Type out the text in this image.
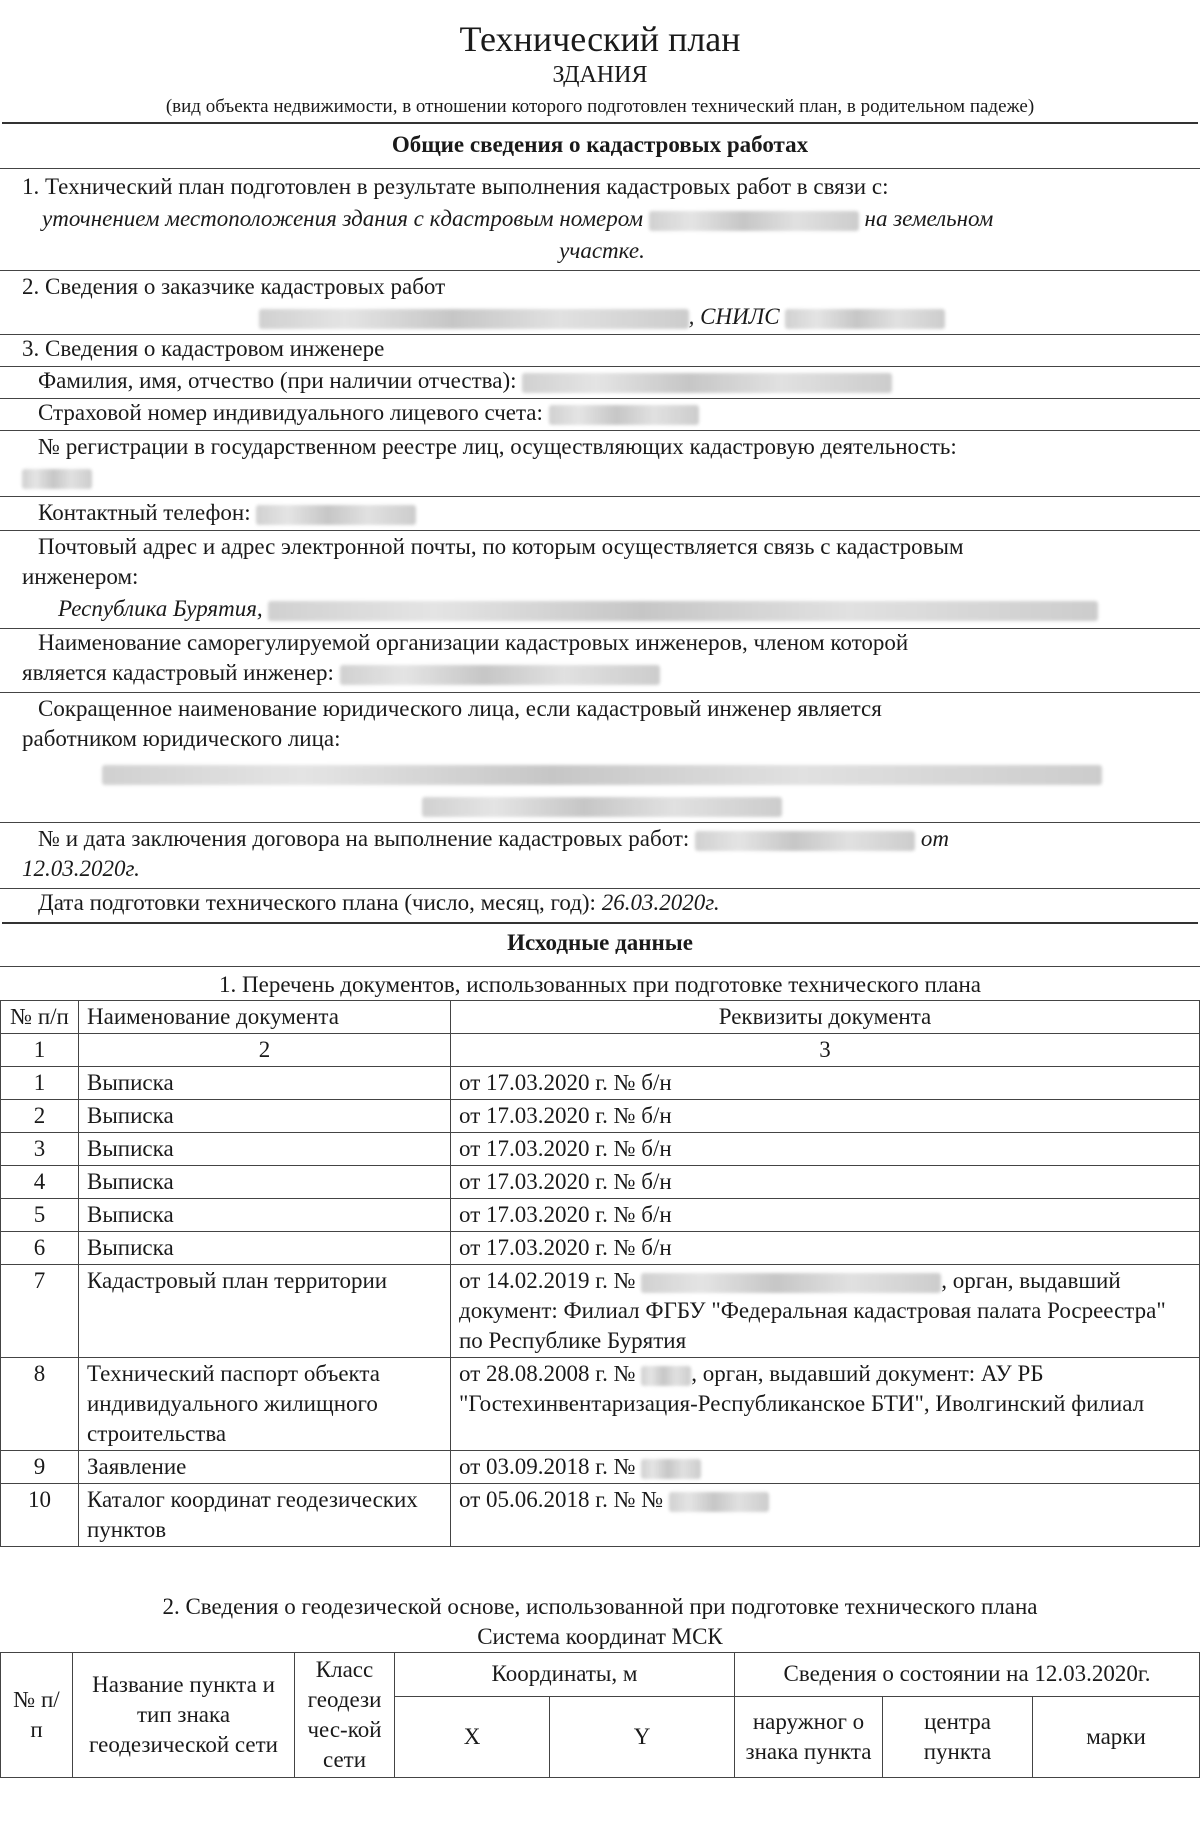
Технический план
ЗДАНИЯ
(вид объекта недвижимости, в отношении которого подготовлен технический план, в родительном падеже)
Общие сведения о кадастровых работах
1. Технический план подготовлен в результате выполнения кадастровых работ в связи с:
уточнением местоположения здания с кдастровым номером	на земельном
участке.
2. Сведения о заказчике кадастровых работ
, СНИЛС
3. Сведения о кадастровом инженере
Фамилия, имя, отчество (при наличии отчества):
Страховой номер индивидуального лицевого счета:
№ регистрации в государственном реестре лиц, осуществляющих кадастровую деятельность:
Контактный телефон:
Почтовый адрес и адрес электронной почты, по которым осуществляется связь с кадастровым
инженером:
Республика Бурятия,
Наименование саморегулируемой организации кадастровых инженеров, членом которой
является кадастровый инженер:
Сокращенное наименование юридического лица, если кадастровый инженер является
работником юридического лица:
№ и дата заключения договора на выполнение кадастровых работ:	от
12.03.2020г.
Дата подготовки технического плана (число, месяц, год): 26.03.2020г.
Исходные данные
1. Перечень документов, использованных при подготовке технического плана
№ п/п	Наименование документа	Реквизиты документа
1	2	3
1	Выписка	от 17.03.2020 г. № б/н
2	Выписка	от 17.03.2020 г. № б/н
3	Выписка	от 17.03.2020 г. № б/н
4	Выписка	от 17.03.2020 г. № б/н
5	Выписка	от 17.03.2020 г. № б/н
6	Выписка	от 17.03.2020 г. № б/н
7	Кадастровый план территории	от 14.02.2019 г. № , орган, выдавший документ: Филиал ФГБУ "Федеральная кадастровая палата Росреестра" по Республике Бурятия
8	Технический паспорт объекта индивидуального жилищного строительства	от 28.08.2008 г. № , орган, выдавший документ: АУ РБ "Гостехинвентаризация-Республиканское БТИ", Иволгинский филиал
9	Заявление	от 03.09.2018 г. №
10	Каталог координат геодезических пунктов	от 05.06.2018 г. № №
2. Сведения о геодезической основе, использованной при подготовке технического плана
Система координат МСК
№ п/ п	Название пункта и тип знака геодезической сети	Класс геодези чес-кой сети	Координаты, м		Сведения о состоянии на 12.03.2020г.		
			X	Y	наружног о знака пункта	центра пункта	марки
